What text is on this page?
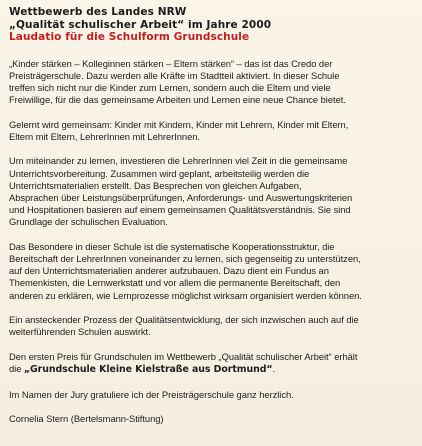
Wettbewerb des Landes NRW
„Qualität schulischer Arbeit“ im Jahre 2000
Laudatio für die Schulform Grundschule
„Kinder stärken – Kolleginnen stärken – Eltern stärken“ – das ist das Credo der
Preisträgerschule. Dazu werden alle Kräfte im Stadtteil aktiviert. In dieser Schule
treffen sich nicht nur die Kinder zum Lernen, sondern auch die Eltern und viele
Freiwillige, für die das gemeinsame Arbeiten und Lernen eine neue Chance bietet.
Gelernt wird gemeinsam: Kinder mit Kindern, Kinder mit Lehrern, Kinder mit Eltern,
Eltern mit Eltern, LehrerInnen mit LehrerInnen.
Um miteinander zu lernen, investieren die LehrerInnen viel Zeit in die gemeinsame
Unterrichtsvorbereitung. Zusammen wird geplant, arbeitsteilig werden die
Unterrichtsmaterialien erstellt. Das Besprechen von gleichen Aufgaben,
Absprachen über Leistungsüberprüfungen, Anforderungs- und Auswertungskriterien
und Hospitationen basieren auf einem gemeinsamen Qualitätsverständnis. Sie sind
Grundlage der schulischen Evaluation.
Das Besondere in dieser Schule ist die systematische Kooperationsstruktur, die
Bereitschaft der LehrerInnen voneinander zu lernen, sich gegenseitig zu unterstützen,
auf den Unterrichtsmaterialien anderer aufzubauen. Dazu dient ein Fundus an
Themenkisten, die Lernwerkstatt und vor allem die permanente Bereitschaft, den
anderen zu erklären, wie Lernprozesse möglichst wirksam organisiert werden können.
Ein ansteckender Prozess der Qualitätsentwicklung, der sich inzwischen auch auf die
weiterführenden Schulen auswirkt.
Den ersten Preis für Grundschulen im Wettbewerb „Qualität schulischer Arbeit“ erhält
die „Grundschule Kleine Kielstraße aus Dortmund“.
Im Namen der Jury gratuliere ich der Preisträgerschule ganz herzlich.
Cornelia Stern (Bertelsmann-Stiftung)
